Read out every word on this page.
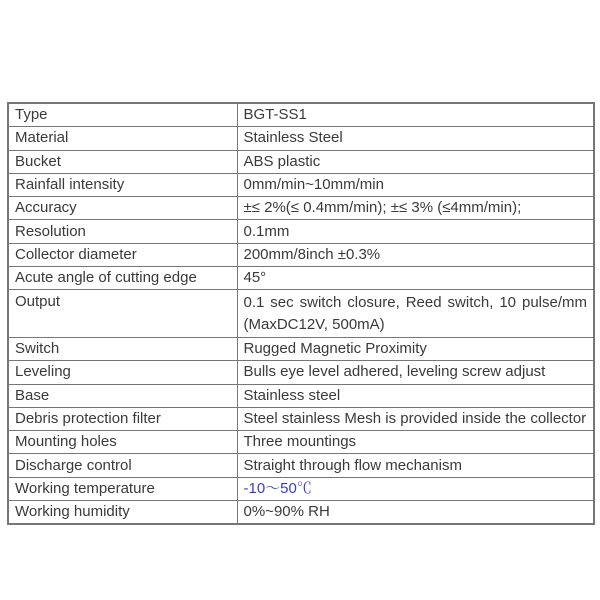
Type	BGT-SS1
Material	Stainless Steel
Bucket	ABS plastic
Rainfall intensity	0mm/min~10mm/min
Accuracy	±≤ 2%(≤ 0.4mm/min); ±≤ 3% (≤4mm/min);
Resolution	0.1mm
Collector diameter	200mm/8inch ±0.3%
Acute angle of cutting edge	45°
Output	0.1 sec switch closure, Reed switch, 10 pulse/mm (MaxDC12V, 500mA)
Switch	Rugged Magnetic Proximity
Leveling	Bulls eye level adhered, leveling screw adjust
Base	Stainless steel
Debris protection filter	Steel stainless Mesh is provided inside the collector
Mounting holes	Three mountings
Discharge control	Straight through flow mechanism
Working temperature	-10～50℃
Working humidity	0%~90% RH
